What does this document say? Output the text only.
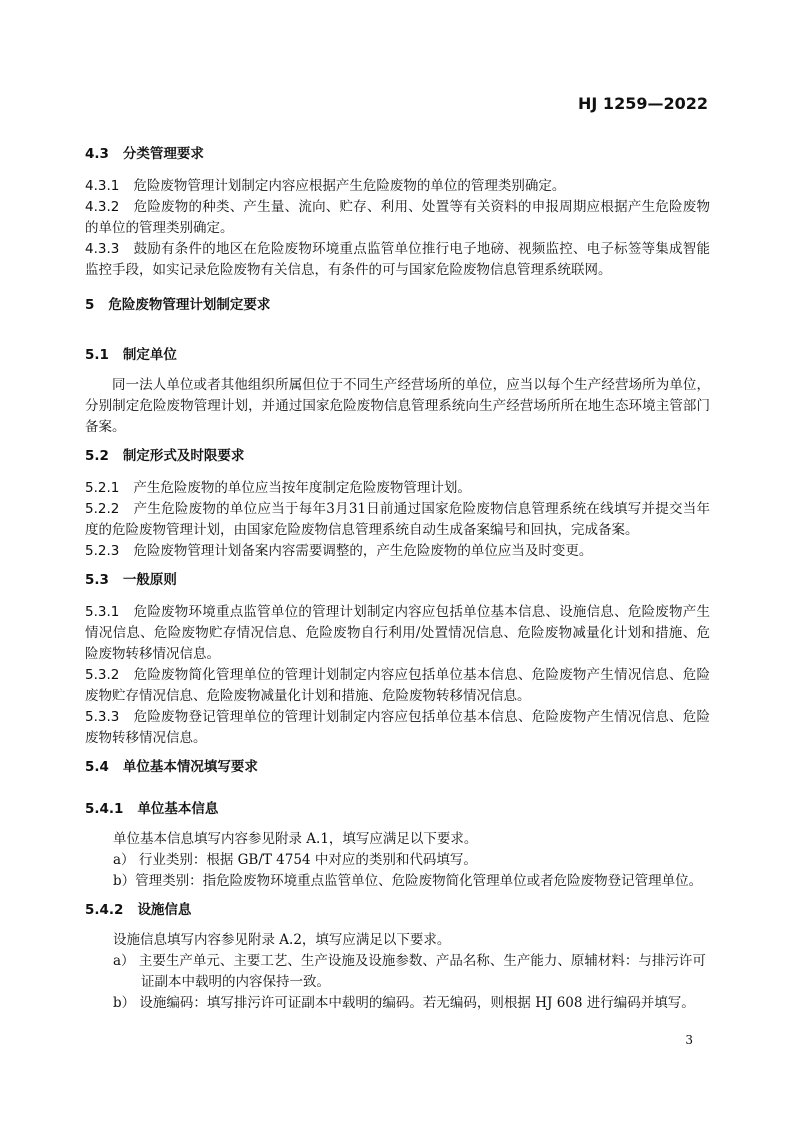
HJ 1259—2022

4.3 分类管理要求

4.3.1 危险废物管理计划制定内容应根据产生危险废物的单位的管理类别确定。

4.3.2 危险废物的种类、产生量、流向、贮存、利用、处置等有关资料的申报周期应根据产生危险废物的单位的管理类别确定。

4.3.3 鼓励有条件的地区在危险废物环境重点监管单位推行电子地磅、视频监控、电子标签等集成智能监控手段，如实记录危险废物有关信息，有条件的可与国家危险废物信息管理系统联网。

5 危险废物管理计划制定要求

5.1 制定单位

同一法人单位或者其他组织所属但位于不同生产经营场所的单位，应当以每个生产经营场所为单位，分别制定危险废物管理计划，并通过国家危险废物信息管理系统向生产经营场所所在地生态环境主管部门备案。

5.2 制定形式及时限要求

5.2.1 产生危险废物的单位应当按年度制定危险废物管理计划。

5.2.2 产生危险废物的单位应当于每年3月31日前通过国家危险废物信息管理系统在线填写并提交当年度的危险废物管理计划，由国家危险废物信息管理系统自动生成备案编号和回执，完成备案。

5.2.3 危险废物管理计划备案内容需要调整的，产生危险废物的单位应当及时变更。

5.3 一般原则

5.3.1 危险废物环境重点监管单位的管理计划制定内容应包括单位基本信息、设施信息、危险废物产生情况信息、危险废物贮存情况信息、危险废物自行利用/处置情况信息、危险废物减量化计划和措施、危险废物转移情况信息。

5.3.2 危险废物简化管理单位的管理计划制定内容应包括单位基本信息、危险废物产生情况信息、危险废物贮存情况信息、危险废物减量化计划和措施、危险废物转移情况信息。

5.3.3 危险废物登记管理单位的管理计划制定内容应包括单位基本信息、危险废物产生情况信息、危险废物转移情况信息。

5.4 单位基本情况填写要求

5.4.1 单位基本信息

单位基本信息填写内容参见附录 A.1，填写应满足以下要求。

a） 行业类别：根据 GB/T 4754 中对应的类别和代码填写。

b）管理类别：指危险废物环境重点监管单位、危险废物简化管理单位或者危险废物登记管理单位。

5.4.2 设施信息

设施信息填写内容参见附录 A.2，填写应满足以下要求。

a） 主要生产单元、主要工艺、生产设施及设施参数、产品名称、生产能力、原辅材料：与排污许可证副本中载明的内容保持一致。

b） 设施编码：填写排污许可证副本中载明的编码。若无编码，则根据 HJ 608 进行编码并填写。

3
